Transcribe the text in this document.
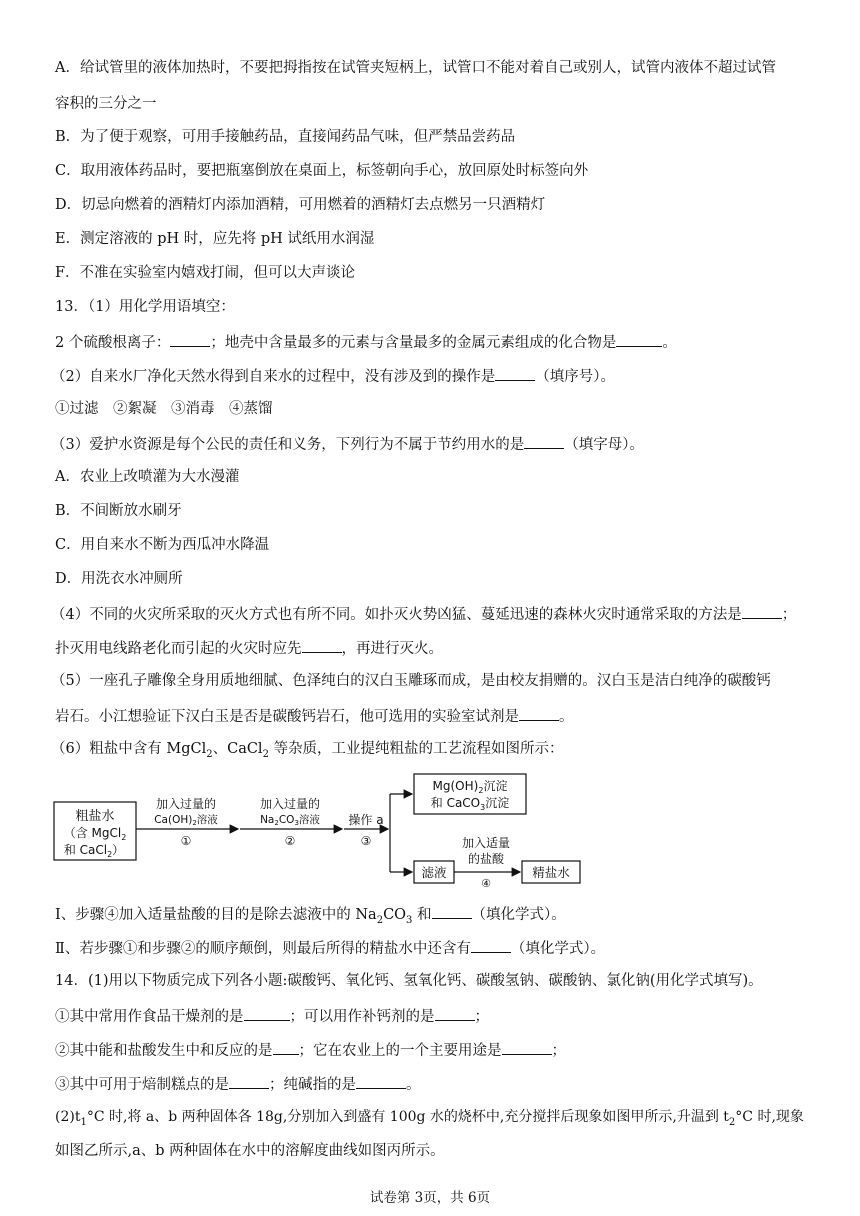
A．给试管里的液体加热时，不要把拇指按在试管夹短柄上，试管口不能对着自己或别人，试管内液体不超过试管
容积的三分之一
B．为了便于观察，可用手接触药品，直接闻药品气味，但严禁品尝药品
C．取用液体药品时，要把瓶塞倒放在桌面上，标签朝向手心，放回原处时标签向外
D．切忌向燃着的酒精灯内添加酒精，可用燃着的酒精灯去点燃另一只酒精灯
E．测定溶液的 pH 时，应先将 pH 试纸用水润湿
F．不准在实验室内嬉戏打闹，但可以大声谈论
13．（1）用化学用语填空：
2 个硫酸根离子：	；地壳中含量最多的元素与含量最多的金属元素组成的化合物是	。
（2）自来水厂净化天然水得到自来水的过程中，没有涉及到的操作是	（填序号）。
①过滤　②絮凝　③消毒　④蒸馏
（3）爱护水资源是每个公民的责任和义务，下列行为不属于节约用水的是	（填字母）。
A．农业上改喷灌为大水漫灌
B．不间断放水刷牙
C．用自来水不断为西瓜冲水降温
D．用洗衣水冲厕所
（4）不同的火灾所采取的灭火方式也有所不同。如扑灭火势凶猛、蔓延迅速的森林火灾时通常采取的方法是	；
扑灭用电线路老化而引起的火灾时应先	，再进行灭火。
（5）一座孔子雕像全身用质地细腻、色泽纯白的汉白玉雕琢而成，是由校友捐赠的。汉白玉是洁白纯净的碳酸钙
岩石。小江想验证下汉白玉是否是碳酸钙岩石，他可选用的实验室试剂是	。
（6）粗盐中含有 MgCl$_2$、CaCl$_2$ 等杂质，工业提纯粗盐的工艺流程如图所示：
粗盐水
（含 MgCl$_2$
和 CaCl$_2$）
加入过量的
Ca(OH)2溶液
①
加入过量的
Na2CO3溶液
②
操作 a
③
$Mg(OH)_2$沉淀
和 CaCO$_3$沉淀
滤液
加入适量
的盐酸
④
精盐水
Ⅰ、步骤④加入适量盐酸的目的是除去滤液中的 $Na_2CO_3$ 和	（填化学式）。
Ⅱ、若步骤①和步骤②的顺序颠倒，则最后所得的精盐水中还含有	（填化学式）。
14．(1)用以下物质完成下列各小题:碳酸钙、氧化钙、氢氧化钙、碳酸氢钠、碳酸钠、氯化钠(用化学式填写)。
①其中常用作食品干燥剂的是	；可以用作补钙剂的是	；
②其中能和盐酸发生中和反应的是 ；它在农业上的一个主要用途是	；
③其中可用于焙制糕点的是	；纯碱指的是	。
$(2)t_1^\circ C$ 时,将 a、b 两种固体各 18g,分别加入到盛有 100g 水的烧杯中,充分搅拌后现象如图甲所示,升温到 $t_2^\circ C$ 时,现象
如图乙所示,a、b 两种固体在水中的溶解度曲线如图丙所示。
试卷第 3页，共 6页
